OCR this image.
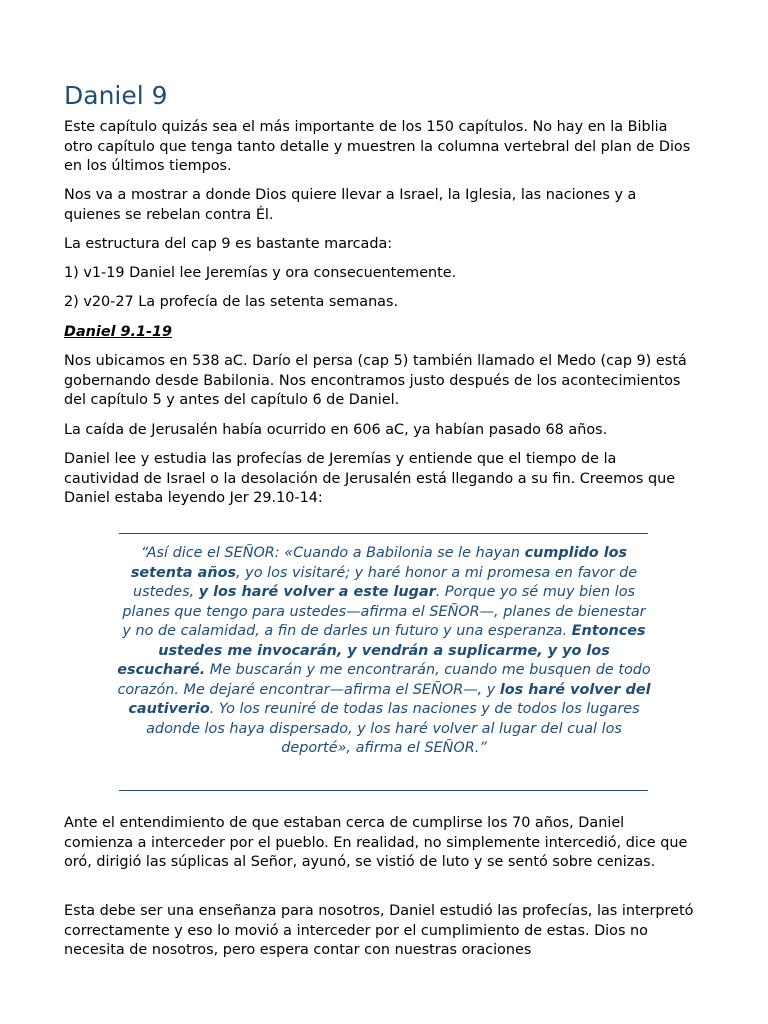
Daniel 9

Este capítulo quizás sea el más importante de los 150 capítulos. No hay en la Biblia otro capítulo que tenga tanto detalle y muestren la columna vertebral del plan de Dios en los últimos tiempos.

Nos va a mostrar a donde Dios quiere llevar a Israel, la Iglesia, las naciones y a quienes se rebelan contra Él.

La estructura del cap 9 es bastante marcada:

1) v1-19 Daniel lee Jeremías y ora consecuentemente.

2) v20-27 La profecía de las setenta semanas.

Daniel 9.1-19

Nos ubicamos en 538 aC. Darío el persa (cap 5) también llamado el Medo (cap 9) está gobernando desde Babilonia. Nos encontramos justo después de los acontecimientos del capítulo 5 y antes del capítulo 6 de Daniel.

La caída de Jerusalén había ocurrido en 606 aC, ya habían pasado 68 años.

Daniel lee y estudia las profecías de Jeremías y entiende que el tiempo de la cautividad de Israel o la desolación de Jerusalén está llegando a su fin. Creemos que Daniel estaba leyendo Jer 29.10-14:

“Así dice el SEÑOR: «Cuando a Babilonia se le hayan cumplido los setenta años, yo los visitaré; y haré honor a mi promesa en favor de ustedes, y los haré volver a este lugar. Porque yo sé muy bien los planes que tengo para ustedes—afirma el SEÑOR—, planes de bienestar y no de calamidad, a fin de darles un futuro y una esperanza. Entonces ustedes me invocarán, y vendrán a suplicarme, y yo los escucharé. Me buscarán y me encontrarán, cuando me busquen de todo corazón. Me dejaré encontrar—afirma el SEÑOR—, y los haré volver del cautiverio. Yo los reuniré de todas las naciones y de todos los lugares adonde los haya dispersado, y los haré volver al lugar del cual los deporté», afirma el SEÑOR.”

Ante el entendimiento de que estaban cerca de cumplirse los 70 años, Daniel comienza a interceder por el pueblo. En realidad, no simplemente intercedió, dice que oró, dirigió las súplicas al Señor, ayunó, se vistió de luto y se sentó sobre cenizas.

Esta debe ser una enseñanza para nosotros, Daniel estudió las profecías, las interpretó correctamente y eso lo movió a interceder por el cumplimiento de estas. Dios no necesita de nosotros, pero espera contar con nuestras oraciones
